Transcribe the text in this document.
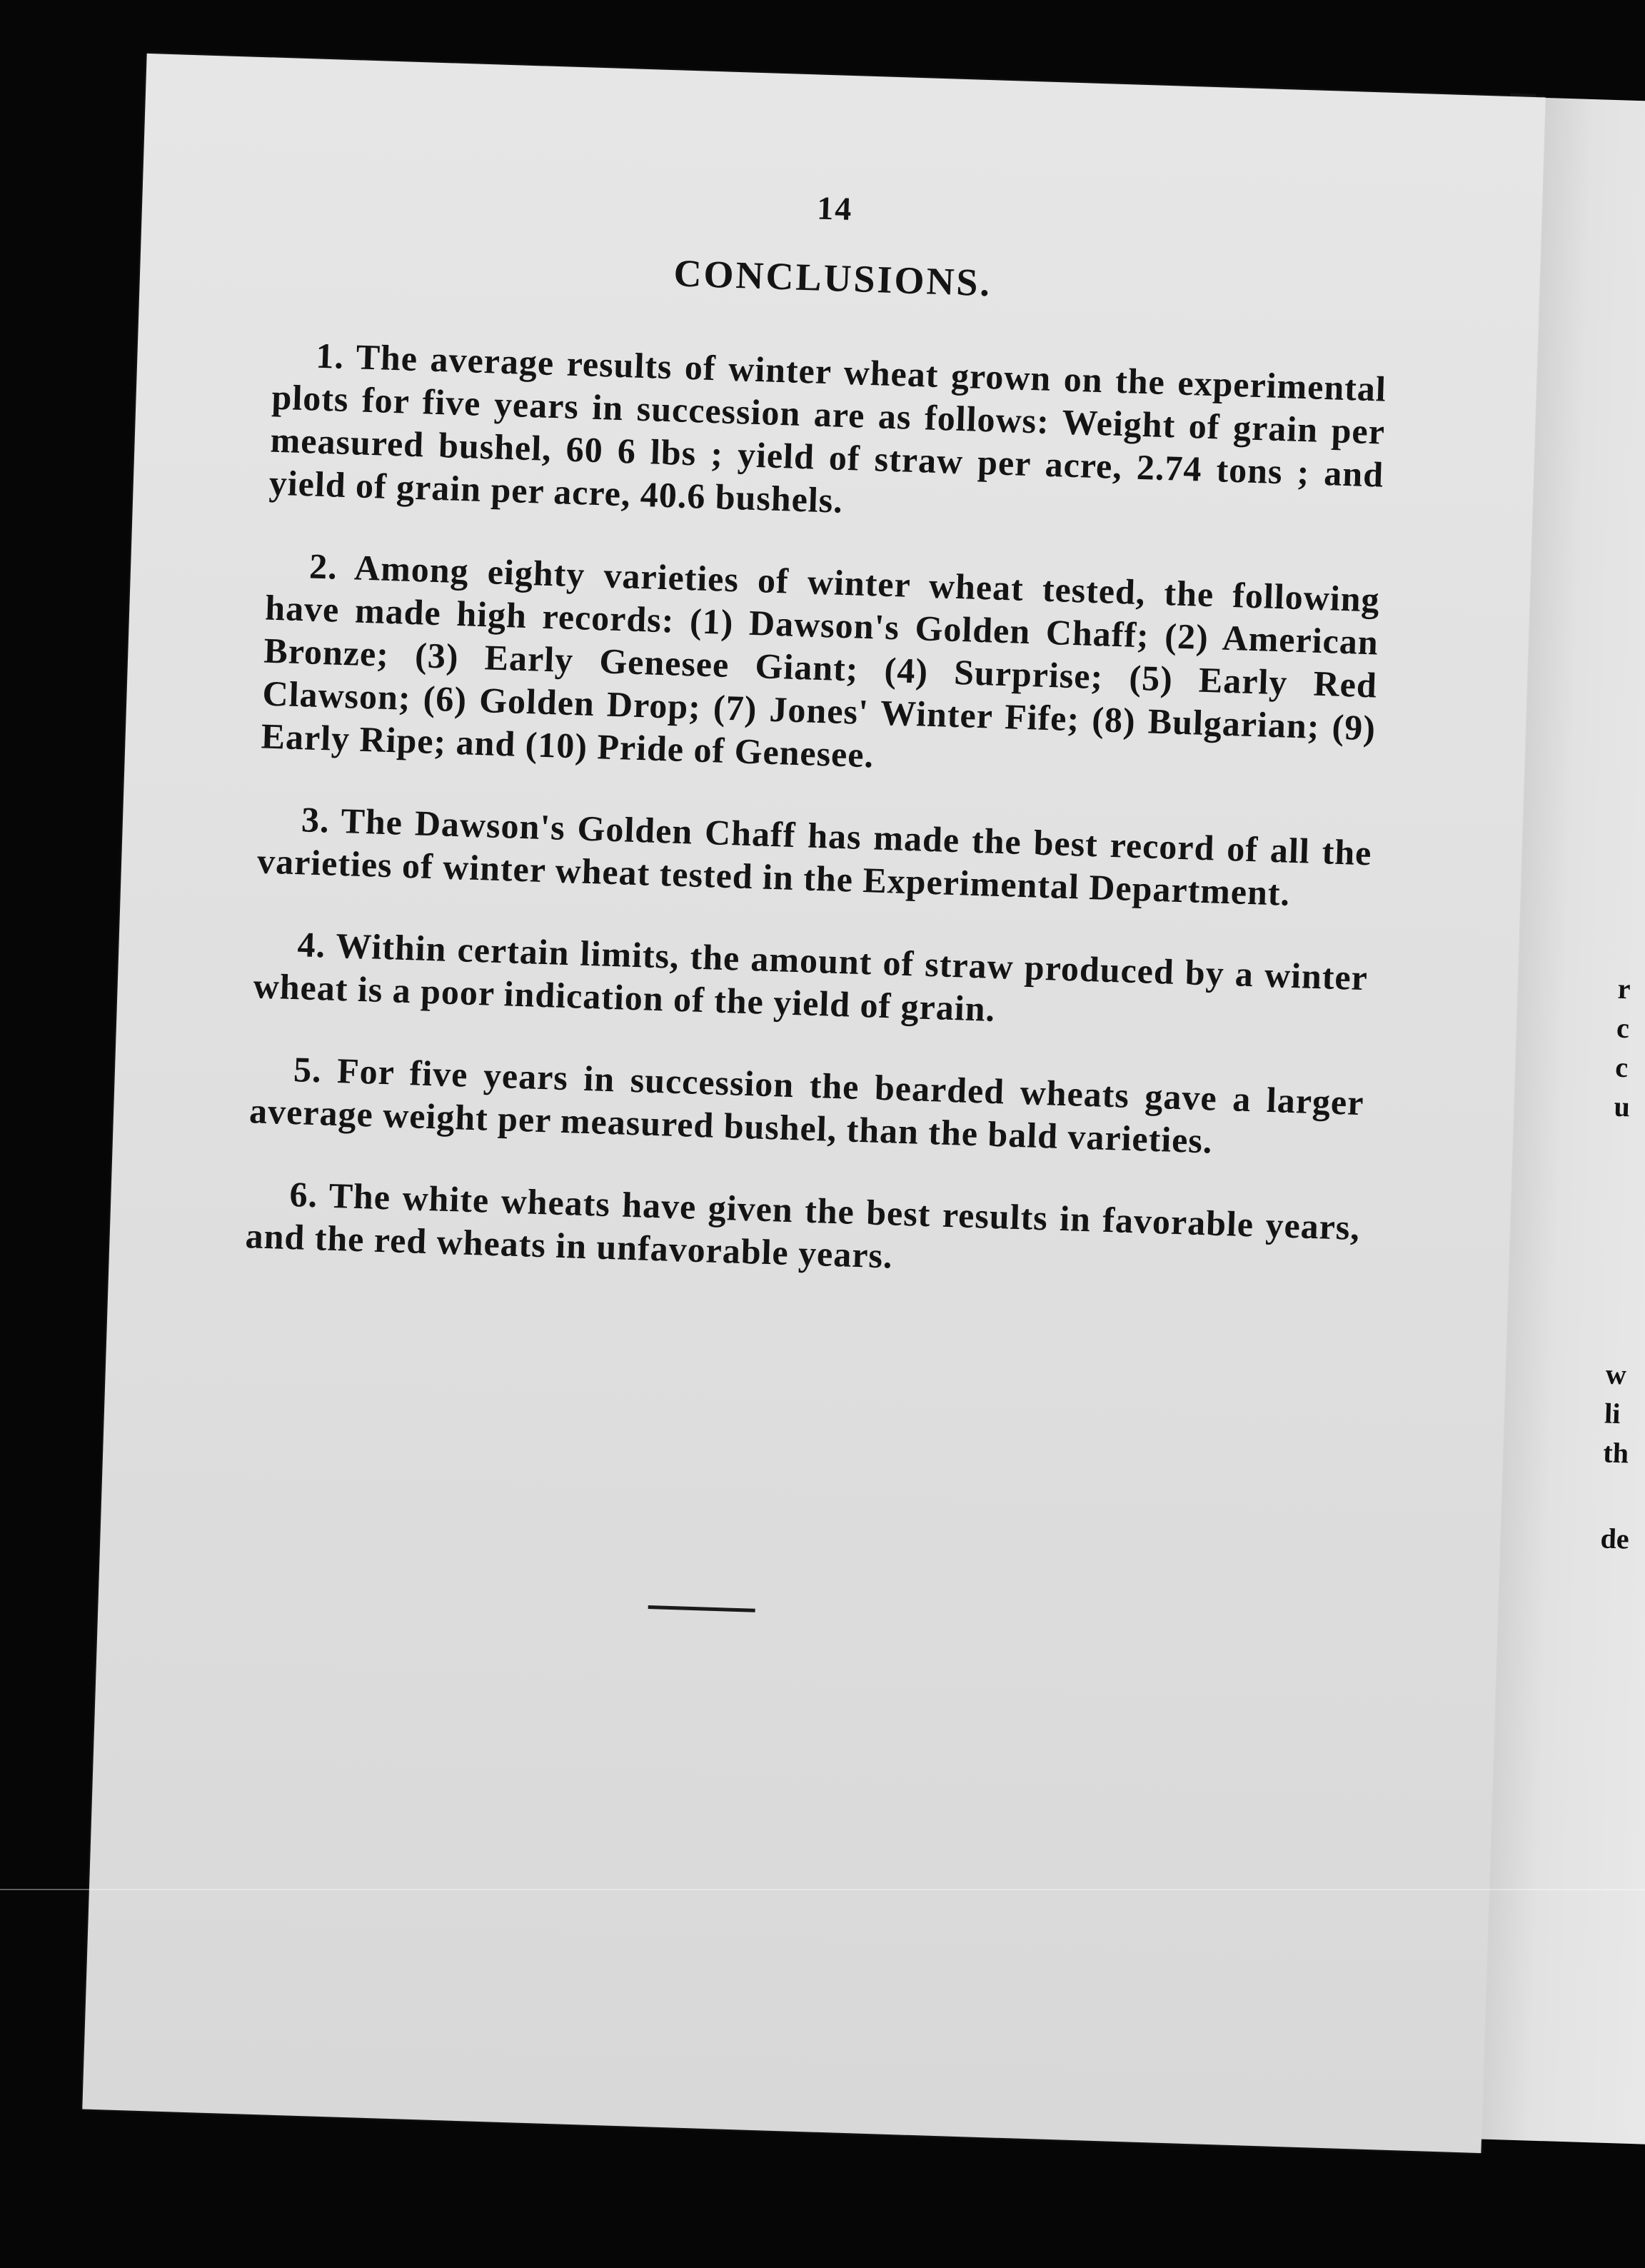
r
c
c
u
w
li
th
de
14
CONCLUSIONS.

1. The average results of winter wheat grown on the experimental plots for five years in succession are as follows: Weight of grain per measured bushel, 60 6 lbs ; yield of straw per acre, 2.74 tons ; and yield of grain per acre, 40.6 bushels.

2. Among eighty varieties of winter wheat tested, the following have made high records: (1) Dawson's Golden Chaff; (2) American Bronze; (3) Early Genesee Giant; (4) Surprise; (5) Early Red Clawson; (6) Golden Drop; (7) Jones' Winter Fife; (8) Bulgarian; (9) Early Ripe; and (10) Pride of Genesee.

3. The Dawson's Golden Chaff has made the best record of all the varieties of winter wheat tested in the Experimental Department.

4. Within certain limits, the amount of straw produced by a winter wheat is a poor indication of the yield of grain.

5. For five years in succession the bearded wheats gave a larger average weight per measured bushel, than the bald varieties.

6. The white wheats have given the best results in favorable years, and the red wheats in unfavorable years.
